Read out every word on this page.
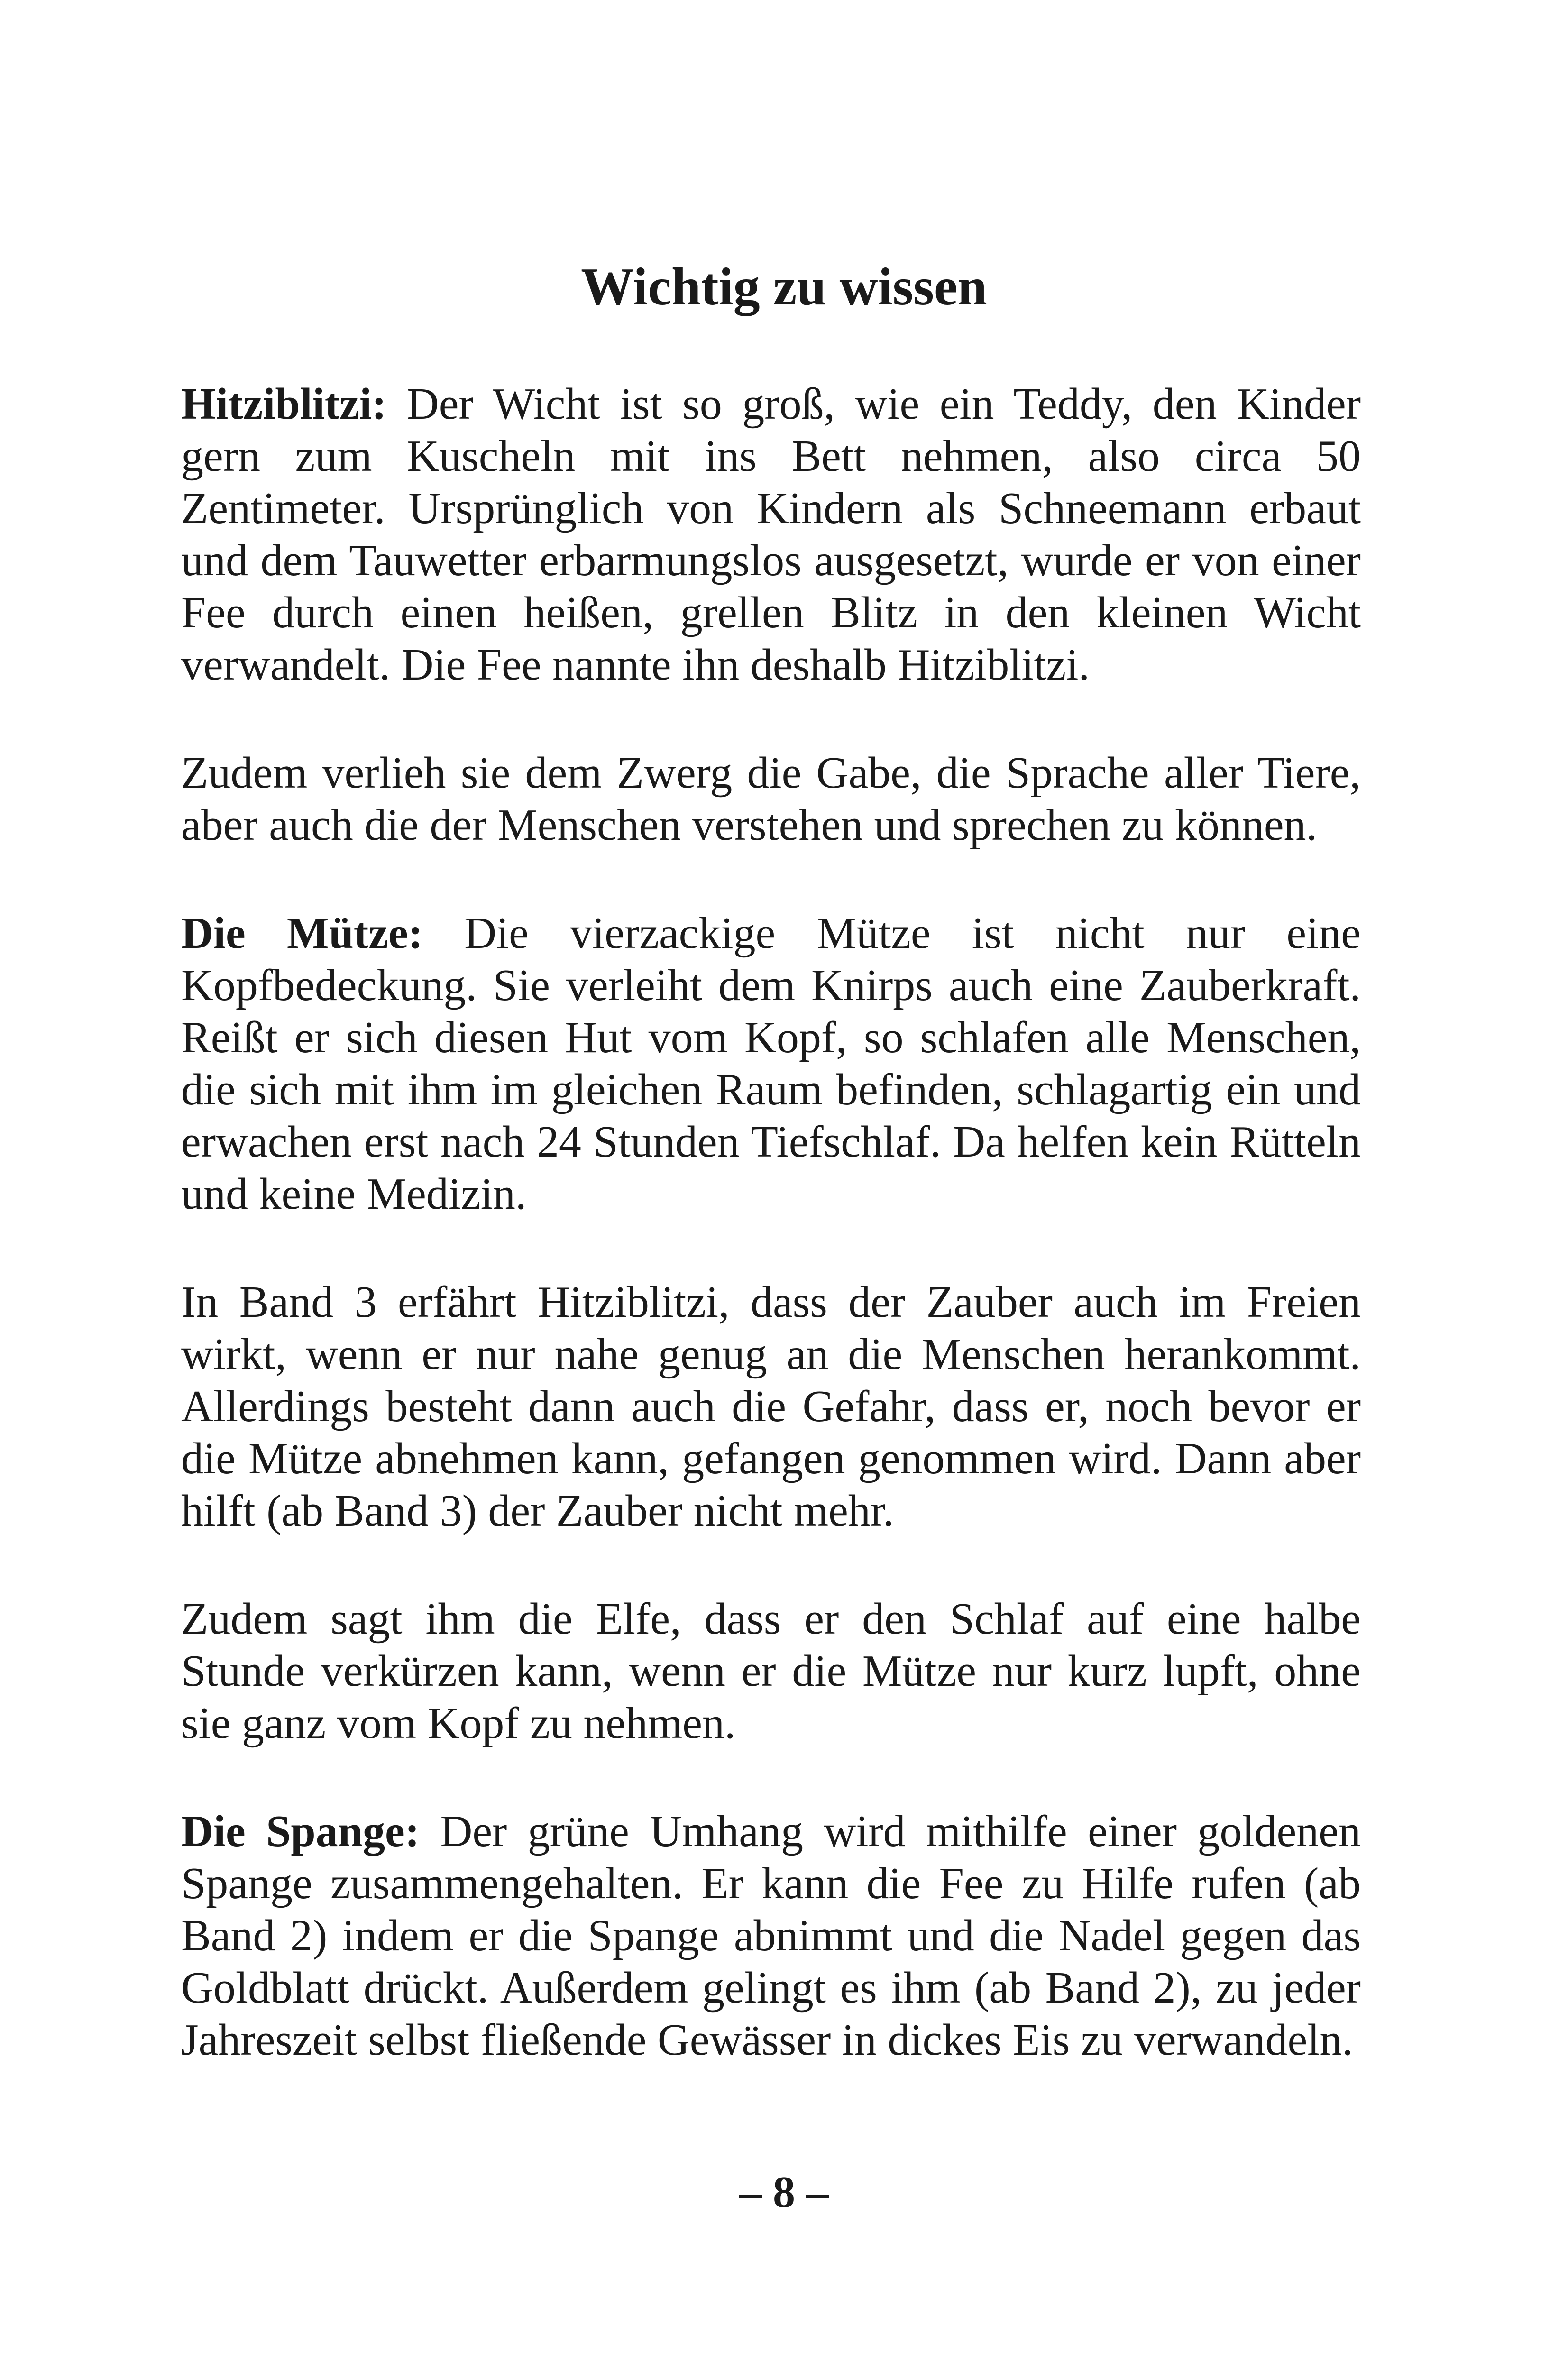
Wichtig zu wissen

Hitziblitzi: Der Wicht ist so groß, wie ein Teddy, den Kinder gern zum Kuscheln mit ins Bett nehmen, also circa 50 Zentimeter. Ursprünglich von Kindern als Schneemann erbaut und dem Tauwetter erbarmungslos ausgesetzt, wurde er von einer Fee durch einen heißen, grellen Blitz in den kleinen Wicht verwandelt. Die Fee nannte ihn deshalb Hitziblitzi.

Zudem verlieh sie dem Zwerg die Gabe, die Sprache aller Tiere, aber auch die der Menschen verstehen und sprechen zu können.

Die Mütze: Die vierzackige Mütze ist nicht nur eine Kopfbedeckung. Sie verleiht dem Knirps auch eine Zauberkraft. Reißt er sich diesen Hut vom Kopf, so schlafen alle Menschen, die sich mit ihm im gleichen Raum befinden, schlagartig ein und erwachen erst nach 24 Stunden Tiefschlaf. Da helfen kein Rütteln und keine Medizin.

In Band 3 erfährt Hitziblitzi, dass der Zauber auch im Freien wirkt, wenn er nur nahe genug an die Menschen herankommt. Allerdings besteht dann auch die Gefahr, dass er, noch bevor er die Mütze abnehmen kann, gefangen genommen wird. Dann aber hilft (ab Band 3) der Zauber nicht mehr.

Zudem sagt ihm die Elfe, dass er den Schlaf auf eine halbe Stunde verkürzen kann, wenn er die Mütze nur kurz lupft, ohne sie ganz vom Kopf zu nehmen.

Die Spange: Der grüne Umhang wird mithilfe einer goldenen Spange zusammengehalten. Er kann die Fee zu Hilfe rufen (ab Band 2) indem er die Spange abnimmt und die Nadel gegen das Goldblatt drückt. Außerdem gelingt es ihm (ab Band 2), zu jeder Jahreszeit selbst fließende Gewässer in dickes Eis zu verwandeln.

– 8 –
